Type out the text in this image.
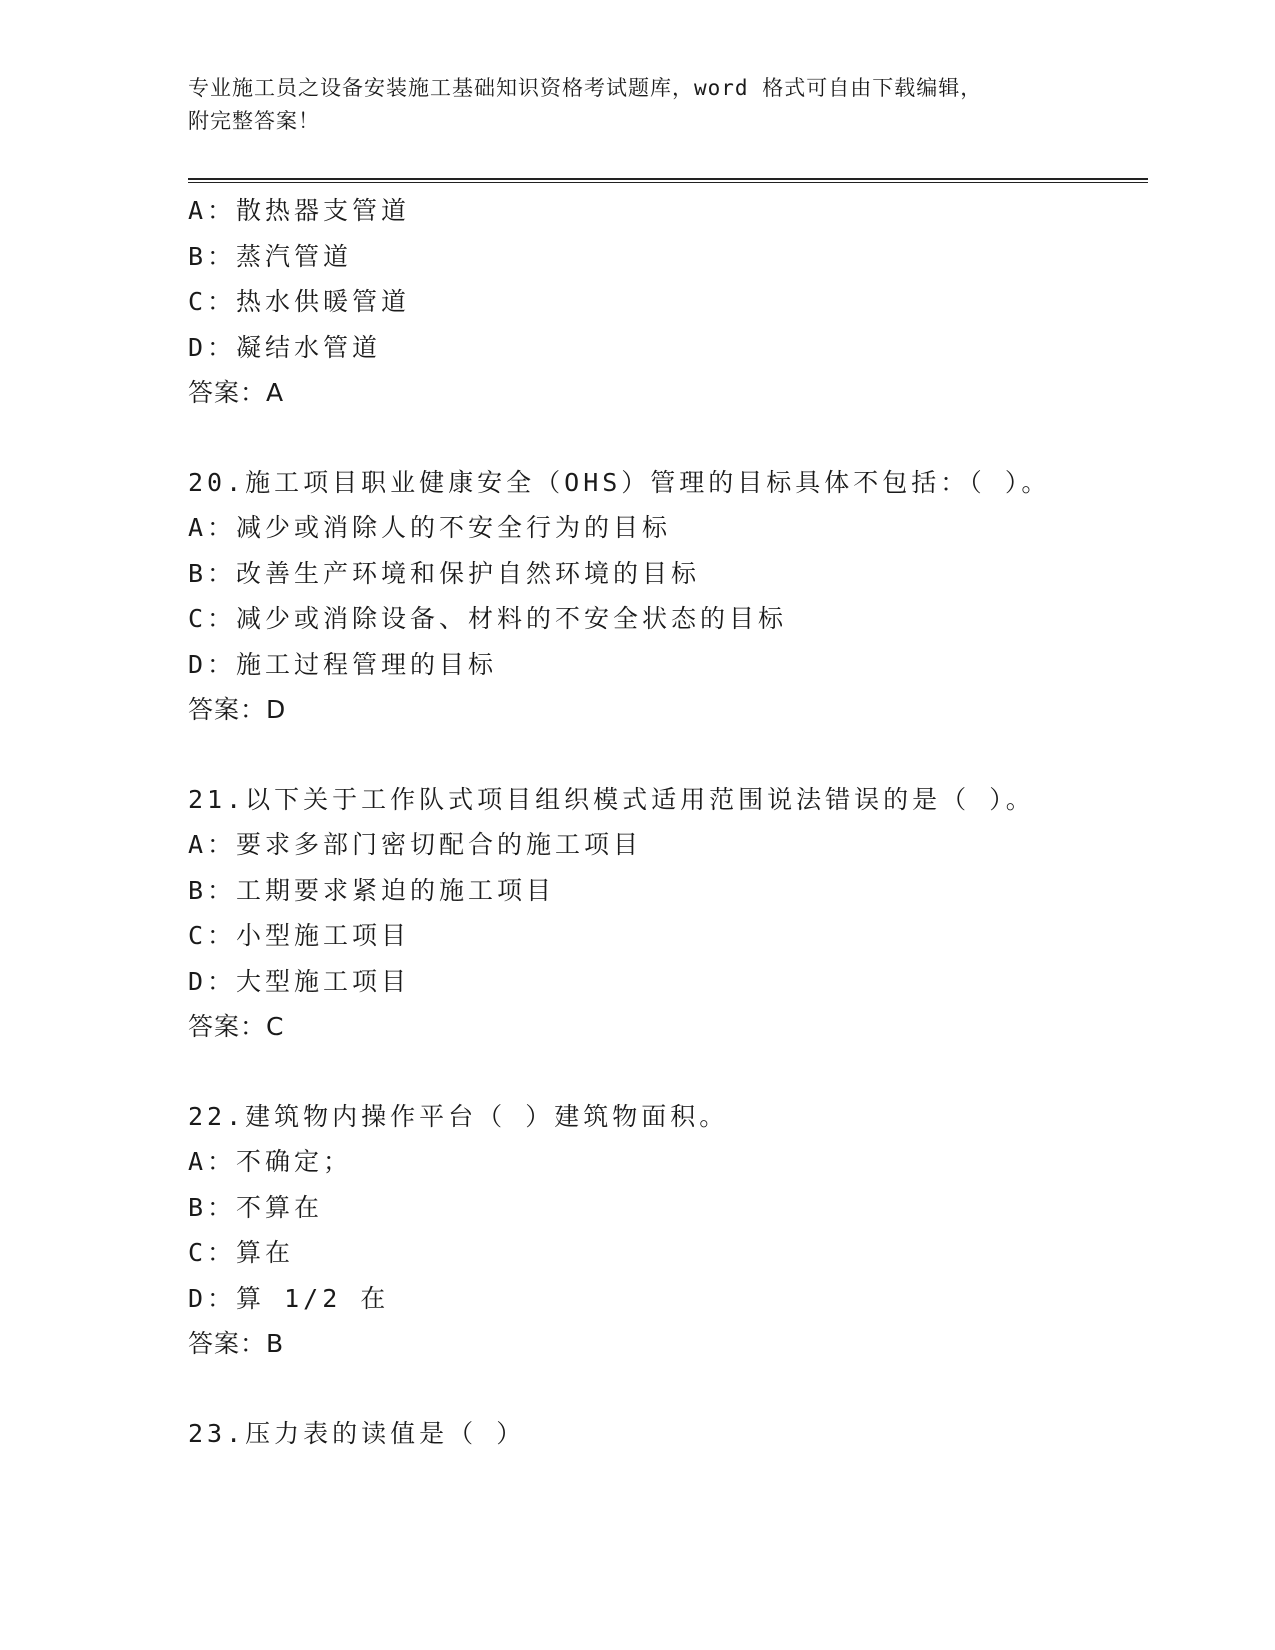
专业施工员之设备安装施工基础知识资格考试题库，word 格式可自由下载编辑，
附完整答案！
A：散热器支管道
B：蒸汽管道
C：热水供暖管道
D：凝结水管道
答案：A
20.施工项目职业健康安全（OHS）管理的目标具体不包括：（ ）。
A：减少或消除人的不安全行为的目标
B：改善生产环境和保护自然环境的目标
C：减少或消除设备、材料的不安全状态的目标
D：施工过程管理的目标
答案：D
21.以下关于工作队式项目组织模式适用范围说法错误的是（ ）。
A：要求多部门密切配合的施工项目
B：工期要求紧迫的施工项目
C：小型施工项目
D：大型施工项目
答案：C
22.建筑物内操作平台（ ）建筑物面积。
A：不确定；
B：不算在
C：算在
D：算 1/2 在
答案：B
23.压力表的读值是（ ）
